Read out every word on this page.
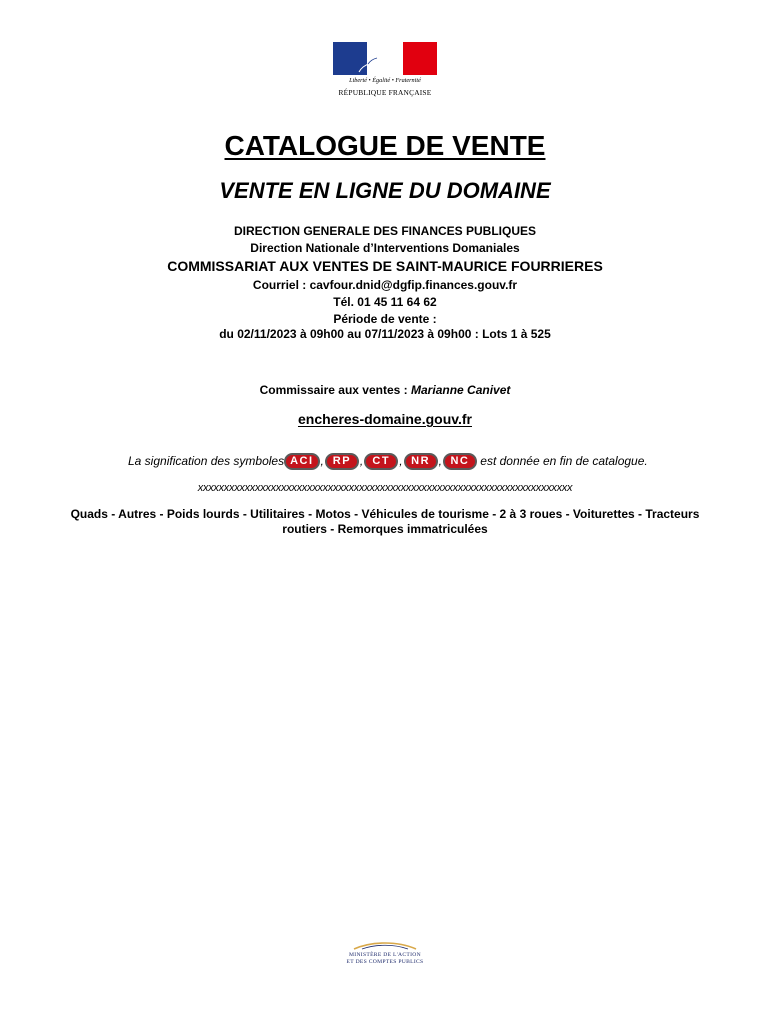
Liberté • Égalité • Fraternité
RÉPUBLIQUE FRANÇAISE
CATALOGUE DE VENTE
VENTE EN LIGNE DU DOMAINE
DIRECTION GENERALE DES FINANCES PUBLIQUES
Direction Nationale d’Interventions Domaniales
COMMISSARIAT AUX VENTES DE SAINT-MAURICE FOURRIERES
Courriel : cavfour.dnid@dgfip.finances.gouv.fr
Tél. 01 45 11 64 62
Période de vente :
du 02/11/2023 à 09h00 au 07/11/2023 à 09h00 : Lots 1 à 525
Commissaire aux ventes : Marianne Canivet
encheres-domaine.gouv.fr
La signification des symboles ACI , RP , CT , NR , NC
est donnée en fin de catalogue.
xxxxxxxxxxxxxxxxxxxxxxxxxxxxxxxxxxxxxxxxxxxxxxxxxxxxxxxxxxxxxxxxxxxxxxxx
Quads - Autres - Poids lourds - Utilitaires - Motos - Véhicules de tourisme - 2 à 3 roues - Voiturettes - Tracteurs routiers - Remorques immatriculées
MINISTÈRE DE L'ACTION
ET DES COMPTES PUBLICS
